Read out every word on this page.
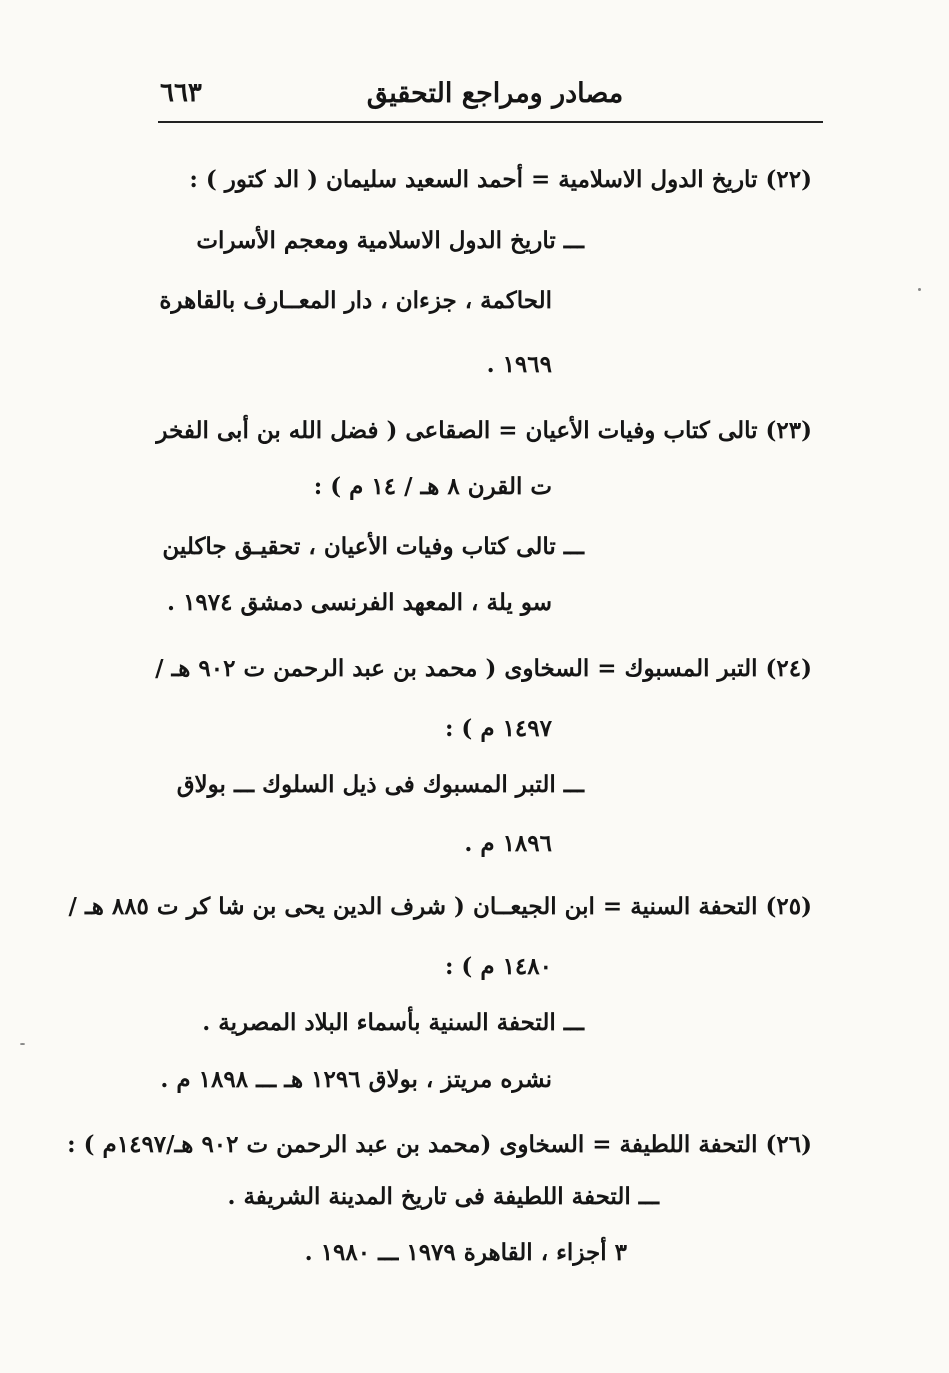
مصادر ومراجع التحقيق
٦٦٣
(٢٢) تاريخ الدول الاسلامية = أحمد السعيد سليمان ( الد كتور ) :
ـــ تاريخ الدول الاسلامية ومعجم الأسرات
الحاكمة ، جزءان ، دار المعــارف بالقاهرة
١٩٦٩ .
(٢٣) تالى كتاب وفيات الأعيان = الصقاعى ( فضل الله بن أبى الفخر
ت القرن ٨ هـ / ١٤ م ) :
ـــ تالى كتاب وفيات الأعيان ، تحقيـق جاكلين
سو يلة ، المعهد الفرنسى دمشق ١٩٧٤ .
(٢٤) التبر المسبوك = السخاوى ( محمد بن عبد الرحمن ت ٩٠٢ هـ /
١٤٩٧ م ) :
ـــ التبر المسبوك فى ذيل السلوك ـــ بولاق
١٨٩٦ م .
(٢٥) التحفة السنية = ابن الجيعــان ( شرف الدين يحى بن شا كر ت ٨٨٥ هـ /
١٤٨٠ م ) :
ـــ التحفة السنية بأسماء البلاد المصرية .
نشره مريتز ، بولاق ١٢٩٦ هـ ـــ ١٨٩٨ م .
(٢٦) التحفة اللطيفة = السخاوى (محمد بن عبد الرحمن ت ٩٠٢ هـ/١٤٩٧م ) :
ـــ التحفة اللطيفة فى تاريخ المدينة الشريفة .
٣ أجزاء ، القاهرة ١٩٧٩ ـــ ١٩٨٠ .
